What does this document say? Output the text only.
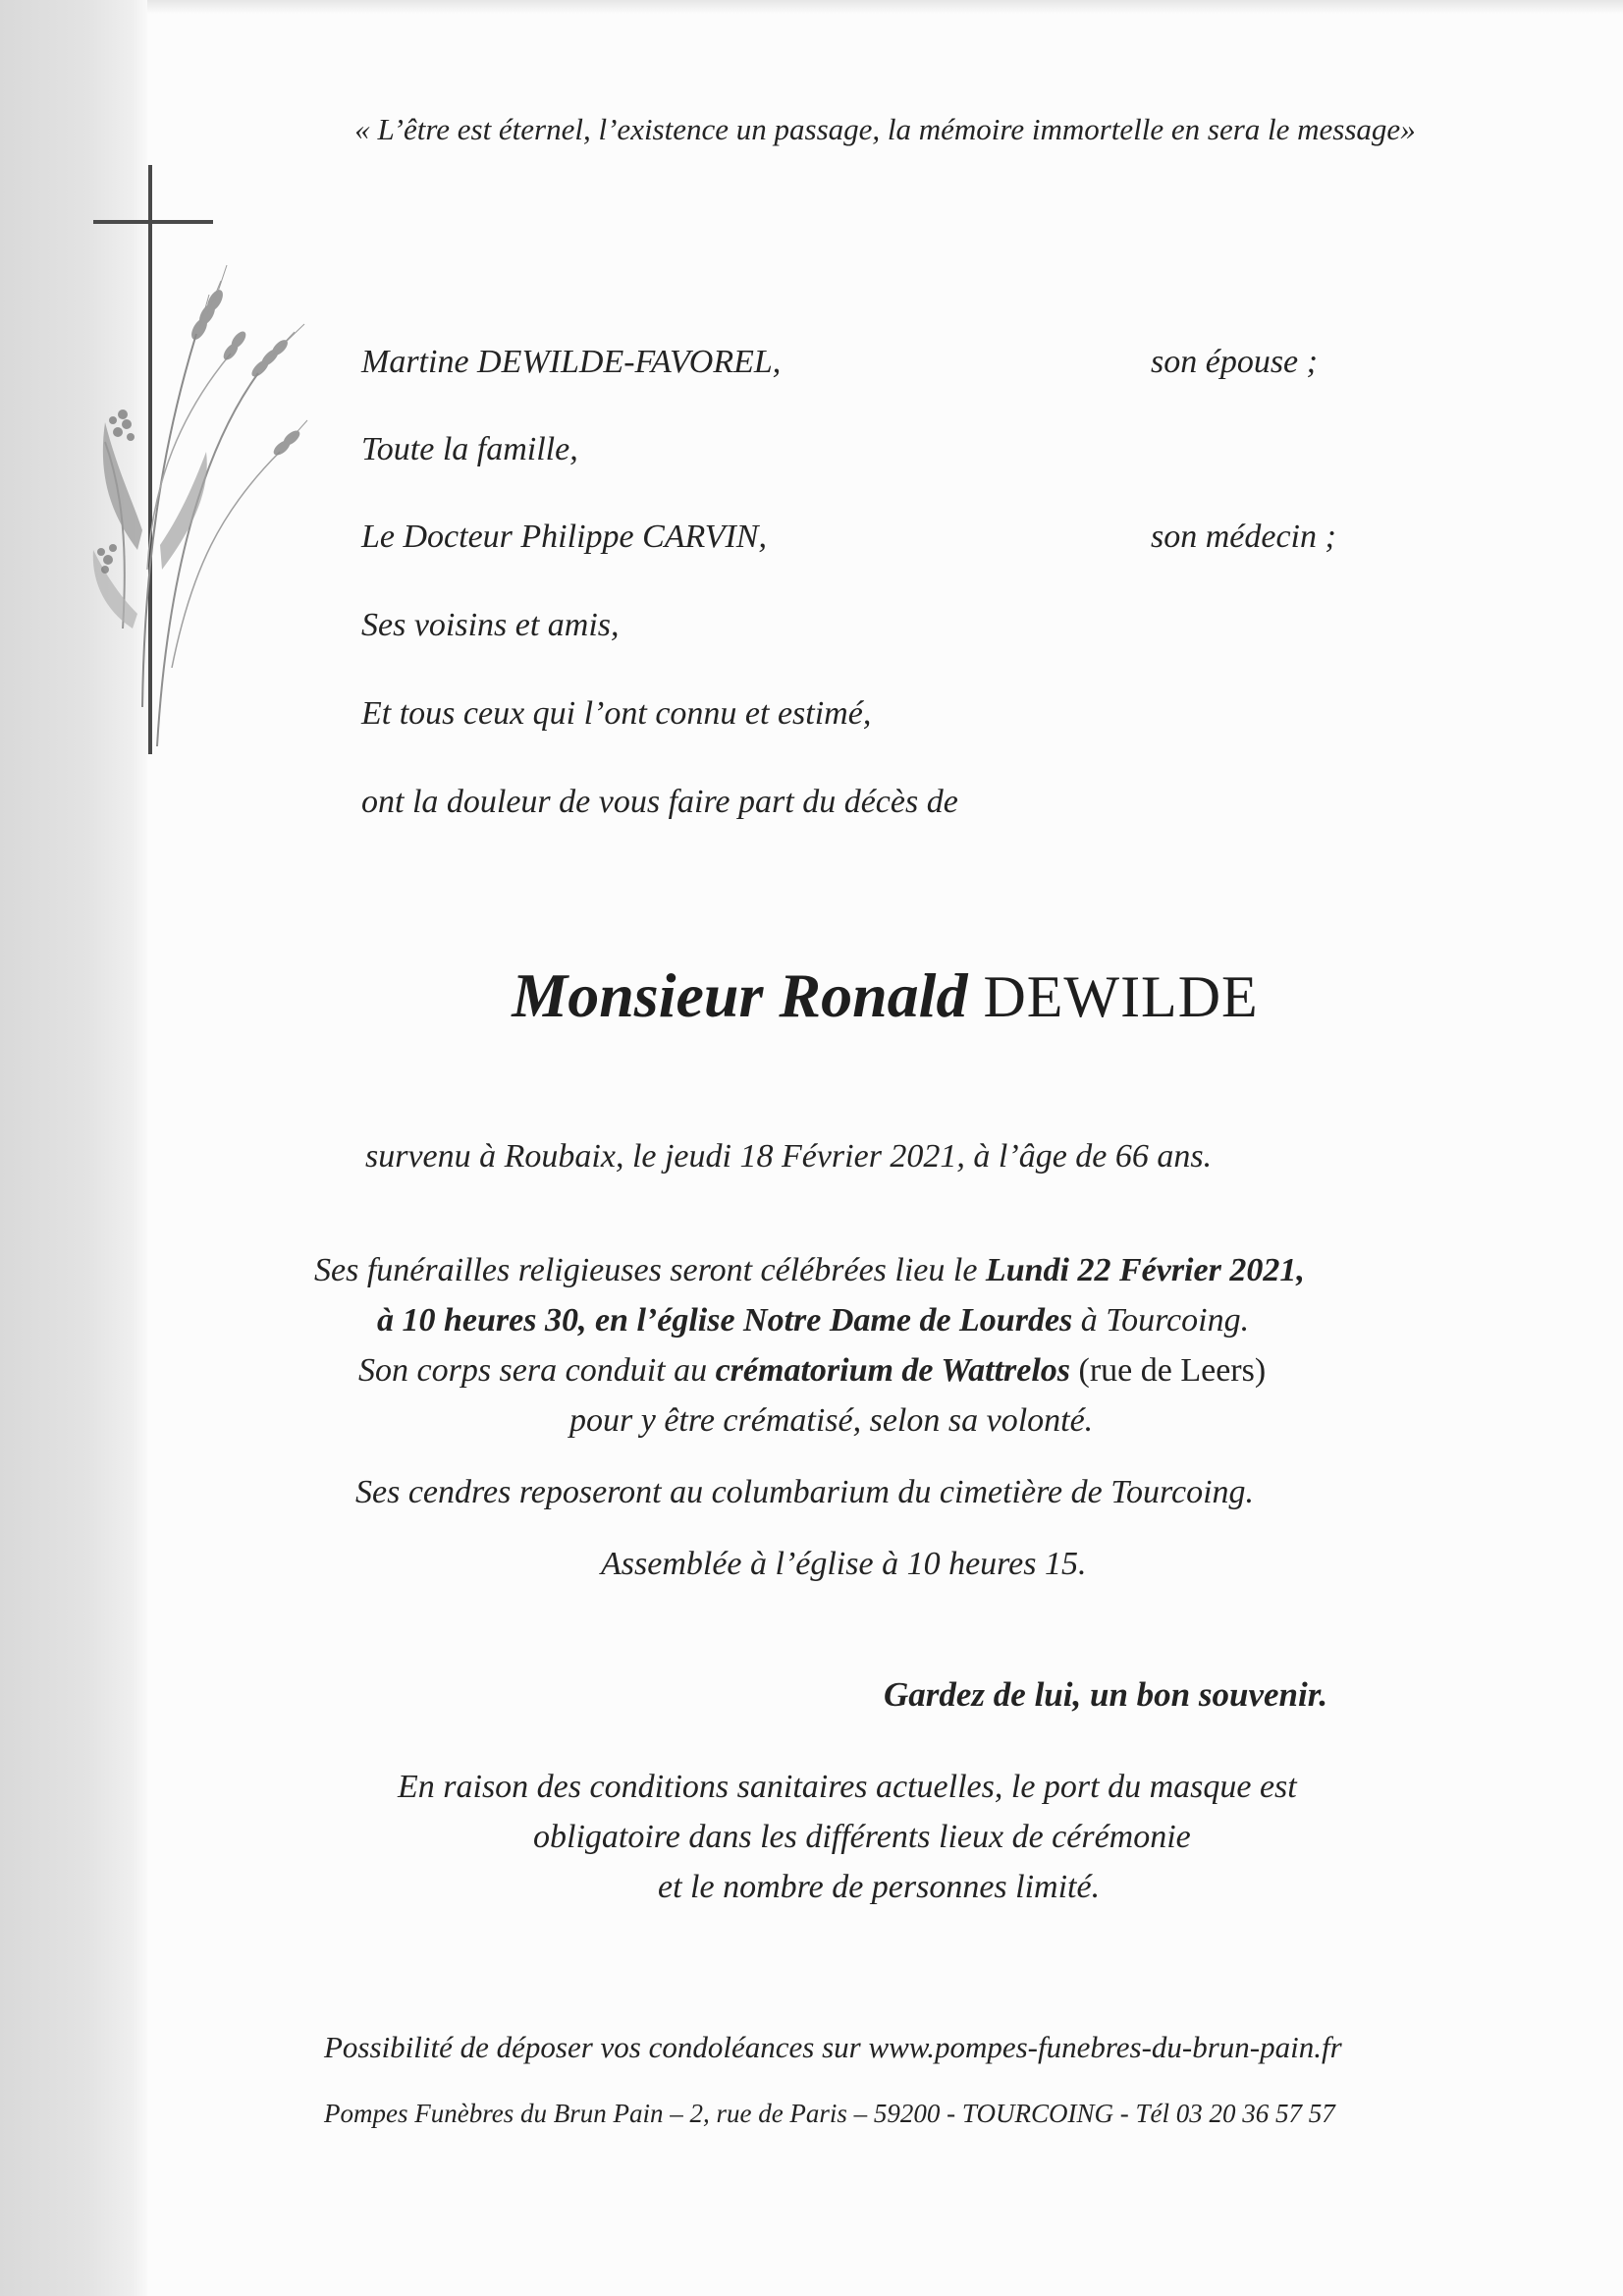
« L’être est éternel, l’existence un passage, la mémoire immortelle en sera le message»

Martine DEWILDE-FAVOREL,	son épouse ;

Toute la famille,

Le Docteur Philippe CARVIN,	son médecin ;

Ses voisins et amis,

Et tous ceux qui l’ont connu et estimé,

ont la douleur de vous faire part du décès de

Monsieur Ronald DEWILDE

survenu à Roubaix, le jeudi 18 Février 2021, à l’âge de 66 ans.

Ses funérailles religieuses seront célébrées lieu le Lundi 22 Février 2021,

à 10 heures 30, en l’église Notre Dame de Lourdes à Tourcoing.

Son corps sera conduit au crématorium de Wattrelos (rue de Leers)

pour y être crématisé, selon sa volonté.

Ses cendres reposeront au columbarium du cimetière de Tourcoing.

Assemblée à l’église à 10 heures 15.

Gardez de lui, un bon souvenir.

En raison des conditions sanitaires actuelles, le port du masque est

obligatoire dans les différents lieux de cérémonie

et le nombre de personnes limité.

Possibilité de déposer vos condoléances sur www.pompes-funebres-du-brun-pain.fr

Pompes Funèbres du Brun Pain – 2, rue de Paris – 59200 - TOURCOING - Tél 03 20 36 57 57
